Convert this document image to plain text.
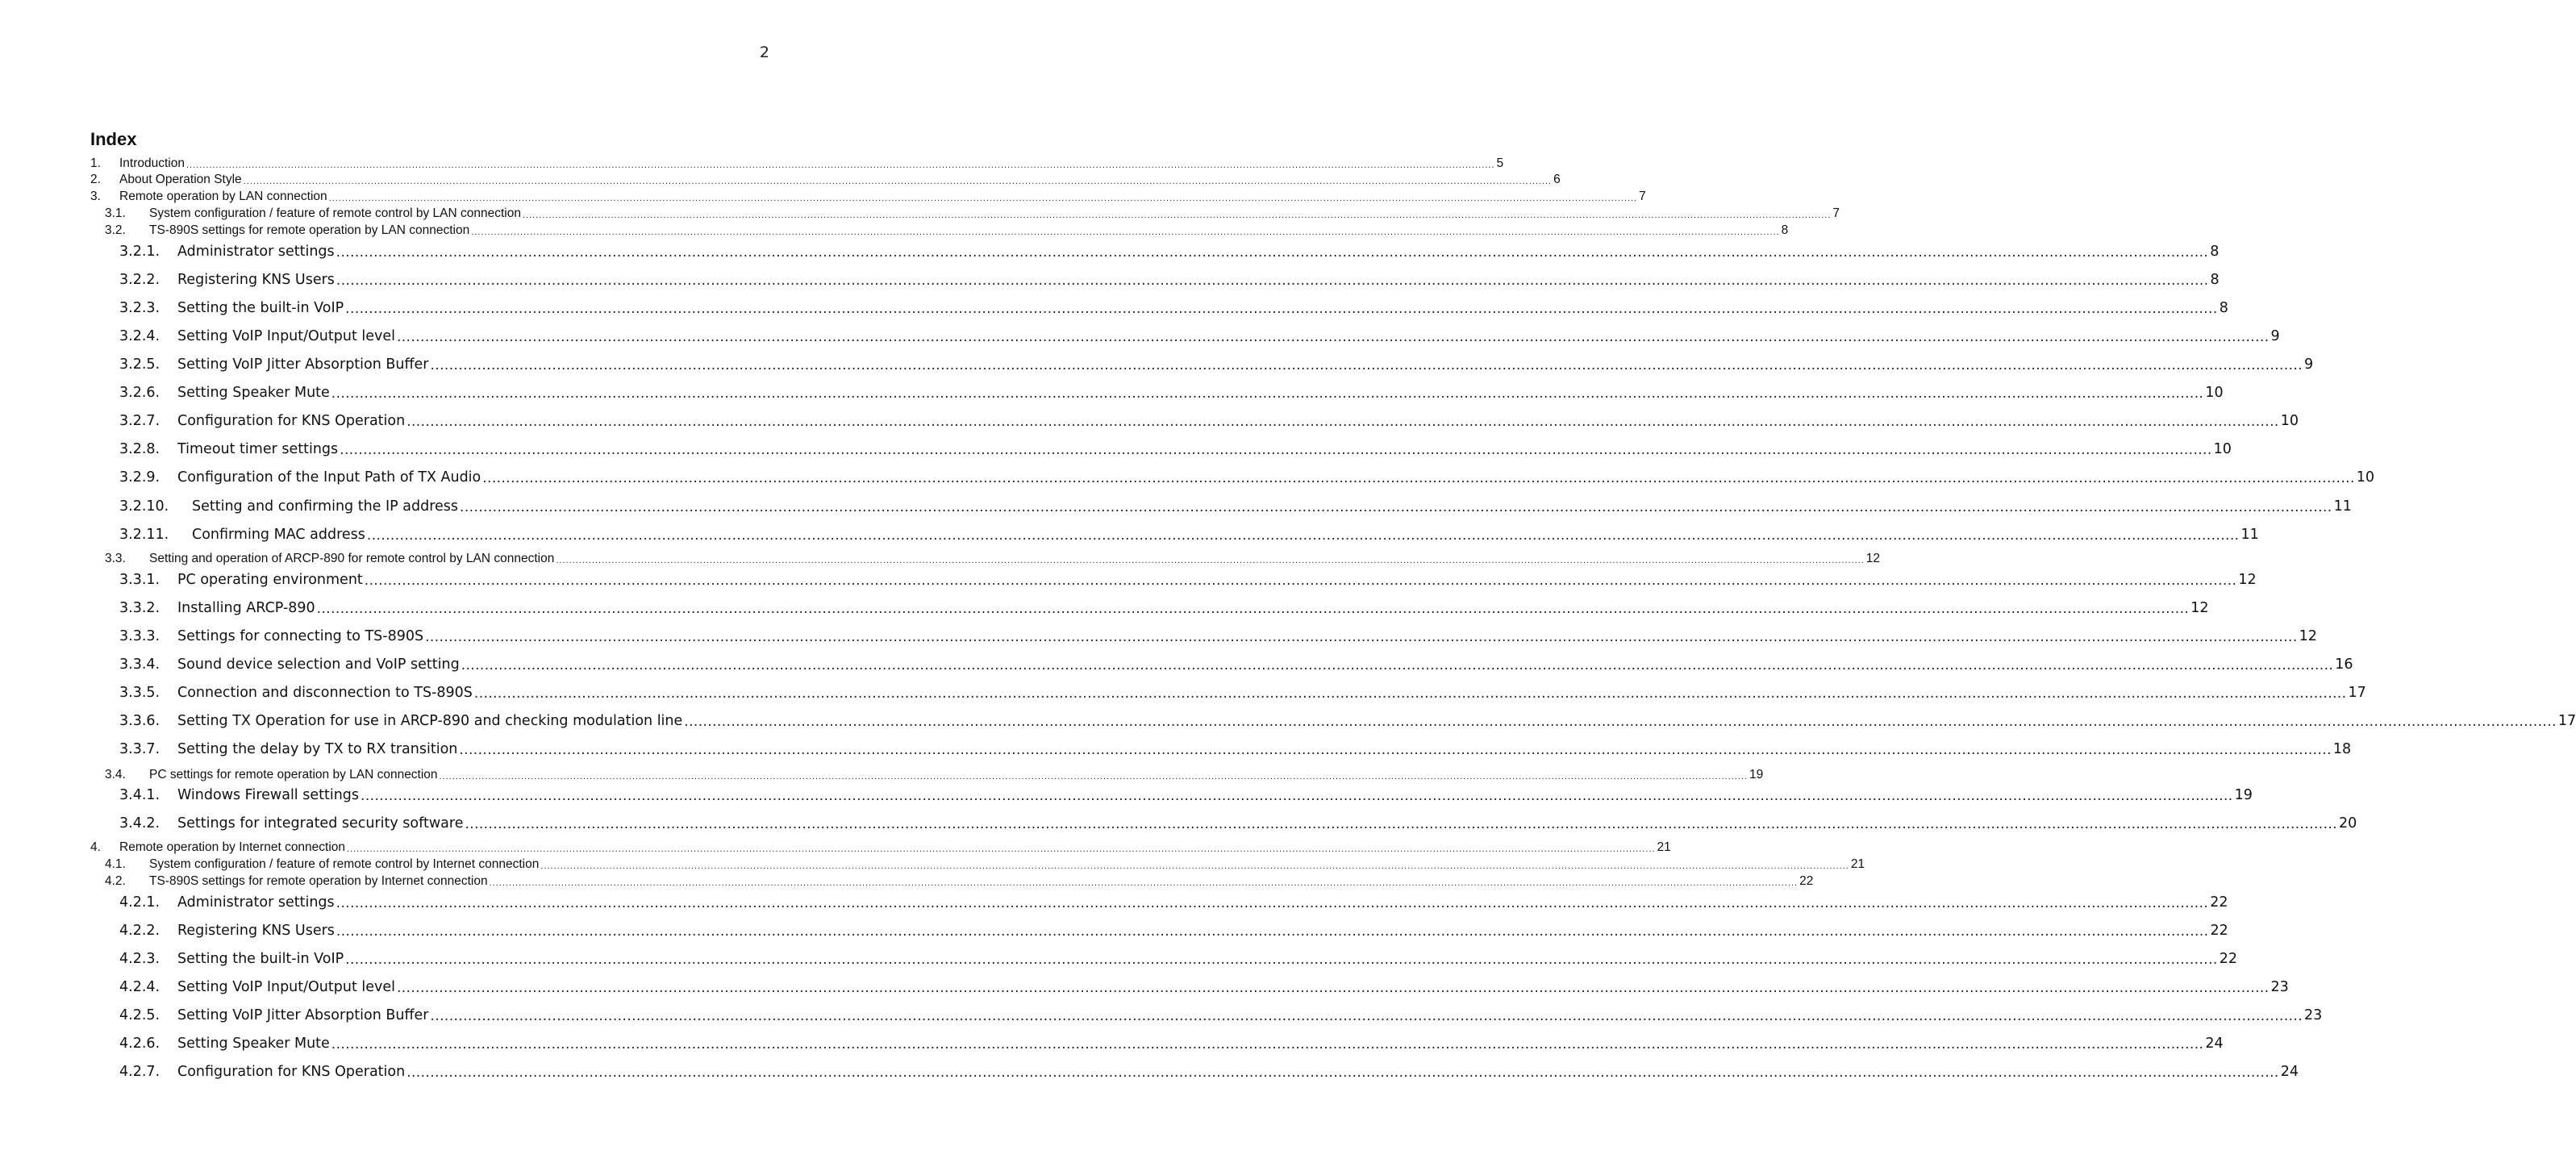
2
Index
1.	Introduction ................................................................................................................................................................................................................................................................................................................................................................................................................ 5
2.	About Operation Style ................................................................................................................................................................................................................................................................................................................................................................................................................ 6
3.	Remote operation by LAN connection ................................................................................................................................................................................................................................................................................................................................................................................................................ 7
3.1.	System configuration / feature of remote control by LAN connection ................................................................................................................................................................................................................................................................................................................................................................................................................ 7
3.2.	TS-890S settings for remote operation by LAN connection ................................................................................................................................................................................................................................................................................................................................................................................................................ 8
3.2.1.	Administrator settings ................................................................................................................................................................................................................................................................................................................................................................................................................ 8
3.2.2.	Registering KNS Users ................................................................................................................................................................................................................................................................................................................................................................................................................ 8
3.2.3.	Setting the built-in VoIP ................................................................................................................................................................................................................................................................................................................................................................................................................ 8
3.2.4.	Setting VoIP Input/Output level ................................................................................................................................................................................................................................................................................................................................................................................................................ 9
3.2.5.	Setting VoIP Jitter Absorption Buffer ................................................................................................................................................................................................................................................................................................................................................................................................................ 9
3.2.6.	Setting Speaker Mute ................................................................................................................................................................................................................................................................................................................................................................................................................ 10
3.2.7.	Configuration for KNS Operation ................................................................................................................................................................................................................................................................................................................................................................................................................ 10
3.2.8.	Timeout timer settings ................................................................................................................................................................................................................................................................................................................................................................................................................ 10
3.2.9.	Configuration of the Input Path of TX Audio ................................................................................................................................................................................................................................................................................................................................................................................................................ 10
3.2.10.	Setting and confirming the IP address ................................................................................................................................................................................................................................................................................................................................................................................................................ 11
3.2.11.	Confirming MAC address ................................................................................................................................................................................................................................................................................................................................................................................................................ 11
3.3.	Setting and operation of ARCP-890 for remote control by LAN connection ................................................................................................................................................................................................................................................................................................................................................................................................................ 12
3.3.1.	PC operating environment ................................................................................................................................................................................................................................................................................................................................................................................................................ 12
3.3.2.	Installing ARCP-890 ................................................................................................................................................................................................................................................................................................................................................................................................................ 12
3.3.3.	Settings for connecting to TS-890S ................................................................................................................................................................................................................................................................................................................................................................................................................ 12
3.3.4.	Sound device selection and VoIP setting ................................................................................................................................................................................................................................................................................................................................................................................................................ 16
3.3.5.	Connection and disconnection to TS-890S ................................................................................................................................................................................................................................................................................................................................................................................................................ 17
3.3.6.	Setting TX Operation for use in ARCP-890 and checking modulation line ................................................................................................................................................................................................................................................................................................................................................................................................................ 17
3.3.7.	Setting the delay by TX to RX transition ................................................................................................................................................................................................................................................................................................................................................................................................................ 18
3.4.	PC settings for remote operation by LAN connection ................................................................................................................................................................................................................................................................................................................................................................................................................ 19
3.4.1.	Windows Firewall settings ................................................................................................................................................................................................................................................................................................................................................................................................................ 19
3.4.2.	Settings for integrated security software ................................................................................................................................................................................................................................................................................................................................................................................................................ 20
4.	Remote operation by Internet connection ................................................................................................................................................................................................................................................................................................................................................................................................................ 21
4.1.	System configuration / feature of remote control by Internet connection ................................................................................................................................................................................................................................................................................................................................................................................................................ 21
4.2.	TS-890S settings for remote operation by Internet connection ................................................................................................................................................................................................................................................................................................................................................................................................................ 22
4.2.1.	Administrator settings ................................................................................................................................................................................................................................................................................................................................................................................................................ 22
4.2.2.	Registering KNS Users ................................................................................................................................................................................................................................................................................................................................................................................................................ 22
4.2.3.	Setting the built-in VoIP ................................................................................................................................................................................................................................................................................................................................................................................................................ 22
4.2.4.	Setting VoIP Input/Output level ................................................................................................................................................................................................................................................................................................................................................................................................................ 23
4.2.5.	Setting VoIP Jitter Absorption Buffer ................................................................................................................................................................................................................................................................................................................................................................................................................ 23
4.2.6.	Setting Speaker Mute ................................................................................................................................................................................................................................................................................................................................................................................................................ 24
4.2.7.	Configuration for KNS Operation ................................................................................................................................................................................................................................................................................................................................................................................................................ 24
